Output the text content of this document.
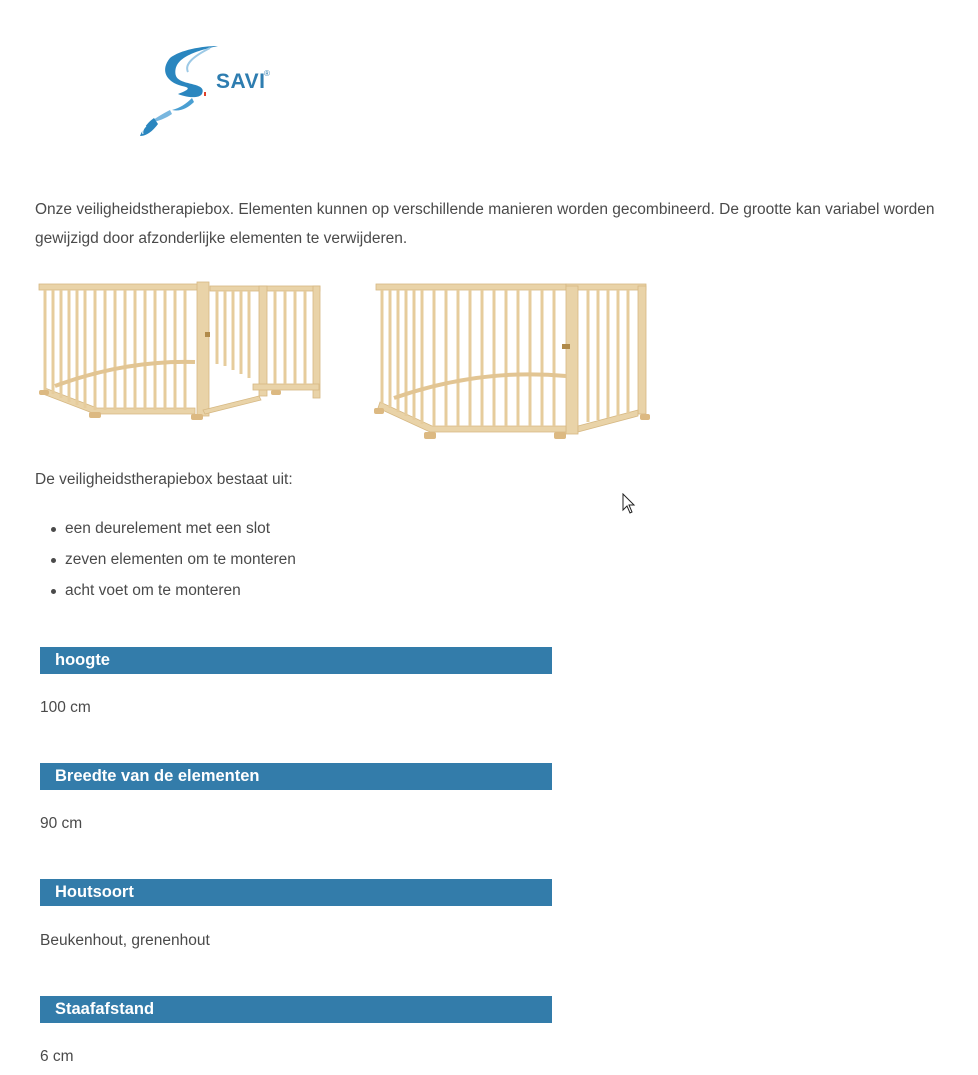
SAVI
®

Onze veiligheidstherapiebox. Elementen kunnen op verschillende manieren worden gecombineerd. De grootte kan variabel worden gewijzigd door afzonderlijke elementen te verwijderen.

De veiligheidstherapiebox bestaat uit:
een deurelement met een slot
zeven elementen om te monteren
acht voet om te monteren
hoogte
100 cm
Breedte van de elementen
90 cm
Houtsoort
Beukenhout, grenenhout
Staafafstand
6 cm
